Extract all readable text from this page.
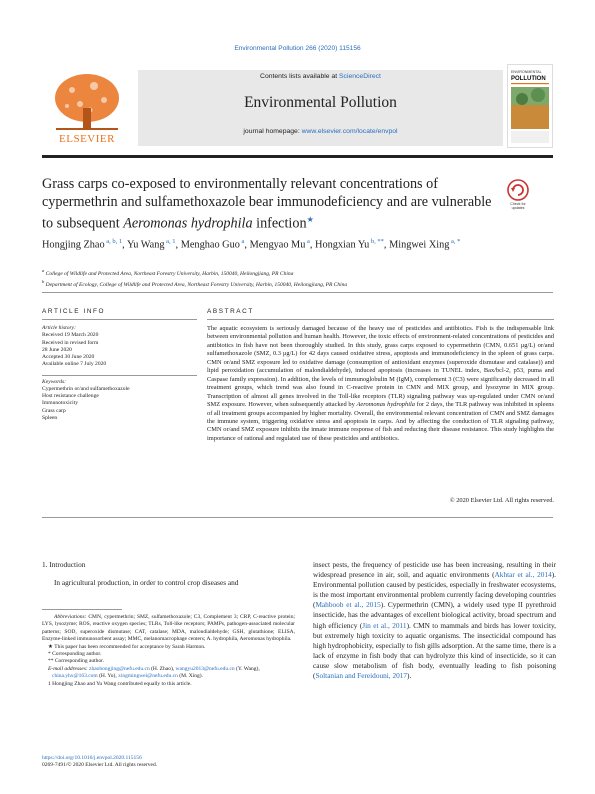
Environmental Pollution 266 (2020) 115156
ELSEVIER
Contents lists available at ScienceDirect
Environmental Pollution
journal homepage: www.elsevier.com/locate/envpol
ENVIRONMENTAL
POLLUTION
Grass carps co-exposed to environmentally relevant concentrations of cypermethrin and sulfamethoxazole bear immunodeficiency and are vulnerable to subsequent Aeromonas hydrophila infection★
Check for updates
Hongjing Zhao $^{a, b, 1}$, Yu Wang $^{a, 1}$, Menghao Guo $^a$, Mengyao Mu $^a$, Hongxian Yu $^{b, **}$, Mingwei Xing $^{a, *}$
$^a$ College of Wildlife and Protected Area, Northeast Forestry University, Harbin, 150040, Heilongjiang, PR China
$^b$ Department of Ecology, College of Wildlife and Protected Area, Northeast Forestry University, Harbin, 150040, Heilongjiang, PR China
ARTICLE INFO	ABSTRACT
Article history:
Received 19 March 2020
Received in revised form
28 June 2020
Accepted 30 June 2020
Available online 7 July 2020
Keywords:
Cypermethrin or/and sulfamethoxazole
Host resistance challenge
Immunotoxicity
Grass carp
Spleen
The aquatic ecosystem is seriously damaged because of the heavy use of pesticides and antibiotics. Fish is the indispensable link between environmental pollution and human health. However, the toxic effects of environment-related concentrations of pesticides and antibiotics in fish have not been thoroughly studied. In this study, grass carps exposed to cypermethrin (CMN, 0.651 μg/L) or/and sulfamethoxazole (SMZ, 0.3 μg/L) for 42 days caused oxidative stress, apoptosis and immunodeficiency in the spleen of grass carps. CMN or/and SMZ exposure led to oxidative damage (consumption of antioxidant enzymes (superoxide dismutase and catalase)) and lipid peroxidation (accumulation of malondialdehyde), induced apoptosis (increases in TUNEL index, Bax/bcl-2, p53, puma and Caspase family expression). In addition, the levels of immunoglobulin M (IgM), complement 3 (C3) were significantly decreased in all treatment groups, which trend was also found in C-reactive protein in CMN and MIX group, and lysozyme in MIX group. Transcription of almost all genes involved in the Toll-like receptors (TLR) signaling pathway was up-regulated under CMN or/and SMZ exposure. However, when subsequently attacked by Aeromonas hydrophila for 2 days, the TLR pathway was inhibited in spleens of all treatment groups accompanied by higher mortality. Overall, the environmental relevant concentration of CMN and SMZ damages the immune system, triggering oxidative stress and apoptosis in carps. And by affecting the conduction of TLR signaling pathway, CMN or/and SMZ exposure inhibits the innate immune response of fish and reducing their disease resistance. This study highlights the importance of rational and regulated use of these pesticides and antibiotics.
© 2020 Elsevier Ltd. All rights reserved.
1. Introduction
In agricultural production, in order to control crop diseases and
Abbreviations: CMN, cypermethrin; SMZ, sulfamethoxazole; C3, Complement 3; CRP, C-reactive protein; LYS, lysozyme; ROS, reactive oxygen species; TLRs, Toll-like receptors; PAMPs, pathogen-associated molecular patterns; SOD, superoxide dismutase; CAT, catalase; MDA, malondialdehyde; GSH, glutathione; ELISA, Enzyme-linked immunosorbent assay; MMC, melanomacrophage centers; A. hydrophila, Aeromonas hydrophila.
★ This paper has been recommended for acceptance by Sarah Harmon.
* Corresponding author.
** Corresponding author.
E-mail addresses: zhaohongjing@nefu.edu.cn (H. Zhao), wangyu2013@nefu.edu.cn (Y. Wang), china.yhx@163.com (H. Yu), xingmingwei@nefu.edu.cn (M. Xing).
1 Hongjing Zhao and Yu Wang contributed equally to this article.
https://doi.org/10.1016/j.envpol.2020.115156
0269-7491/© 2020 Elsevier Ltd. All rights reserved.
insect pests, the frequency of pesticide use has been increasing, resulting in their widespread presence in air, soil, and aquatic environments (Akhtar et al., 2014). Environmental pollution caused by pesticides, especially in freshwater ecosystems, is the most important environmental problem currently facing developing countries (Mahboob et al., 2015). Cypermethrin (CMN), a widely used type II pyrethroid insecticide, has the advantages of excellent biological activity, broad spectrum and high efficiency (Jin et al., 2011). CMN to mammals and birds has lower toxicity, but extremely high toxicity to aquatic organisms. The insecticidal compound has high hydrophobicity, especially to fish gills adsorption. At the same time, there is a lack of enzyme in fish body that can hydrolyze this kind of insecticide, so it can cause slow metabolism of fish body, eventually leading to fish poisoning (Soltanian and Fereidouni, 2017).
